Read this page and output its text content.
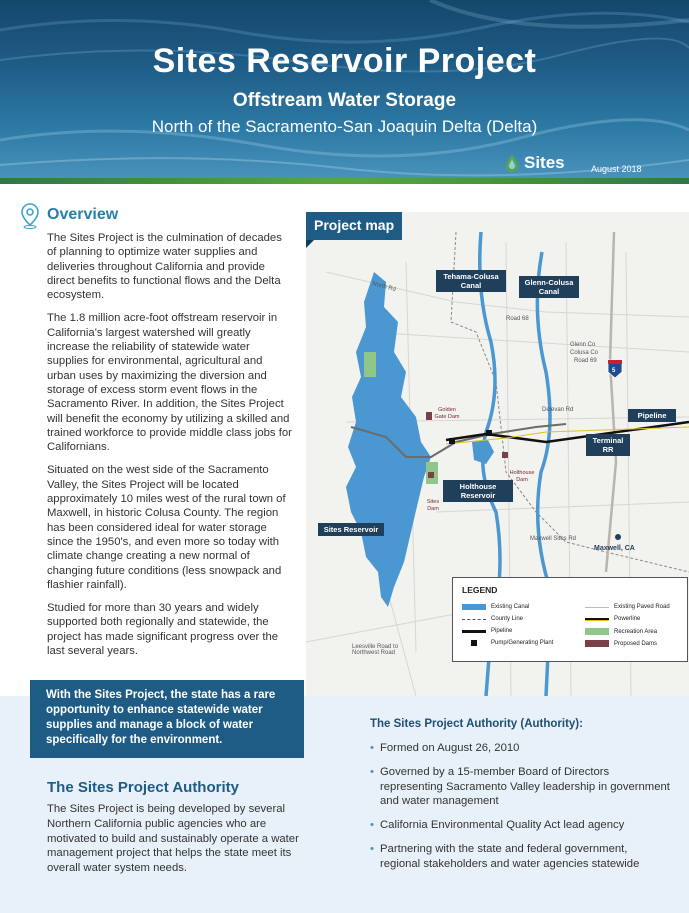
Sites Reservoir Project
Offstream Water Storage
North of the Sacramento-San Joaquin Delta (Delta)
Sites	August 2018
Overview

The Sites Project is the culmination of decades of planning to optimize water supplies and deliveries throughout California and provide direct benefits to functional flows and the Delta ecosystem.

The 1.8 million acre-foot offstream reservoir in California's largest watershed will greatly increase the reliability of statewide water supplies for environmental, agricultural and urban uses by maximizing the diversion and storage of excess storm event flows in the Sacramento River. In addition, the Sites Project will benefit the economy by utilizing a skilled and trained workforce to provide middle class jobs for Californians.

Situated on the west side of the Sacramento Valley, the Sites Project will be located approximately 10 miles west of the rural town of Maxwell, in historic Colusa County. The region has been considered ideal for water storage since the 1950's, and even more so today with climate change creating a new normal of changing future conditions (less snowpack and flashier rainfall).

Studied for more than 30 years and widely supported both regionally and statewide, the project has made significant progress over the last several years.

Project map
Tehama-Colusa Canal	Glenn-Colusa Canal
Pipeline
Terminal RR
Holthouse Reservoir
Sites Reservoir
Maxwell, CA
Golden Gate Dam
Sites Dam
Holthouse Dam
North Rd
Road 68
Road 69
Glenn Co
Colusa Co
Delevan Rd
Maxwell Sites Rd
Leesville Road to Northwest Road
5
LEGEND
Existing Canal
County Line
Pipeline
Pump/Generating Plant
Existing Paved Road
Powerline
Recreation Area
Proposed Dams
With the Sites Project, the state has a rare opportunity to enhance statewide water supplies and manage a block of water specifically for the environment.
The Sites Project Authority
The Sites Project is being developed by several Northern California public agencies who are motivated to build and sustainably operate a water management project that helps the state meet its overall water system needs.
The Sites Project Authority (Authority):
• Formed on August 26, 2010
• Governed by a 15-member Board of Directors representing Sacramento Valley leadership in government and water management
• California Environmental Quality Act lead agency
• Partnering with the state and federal government, regional stakeholders and water agencies statewide
